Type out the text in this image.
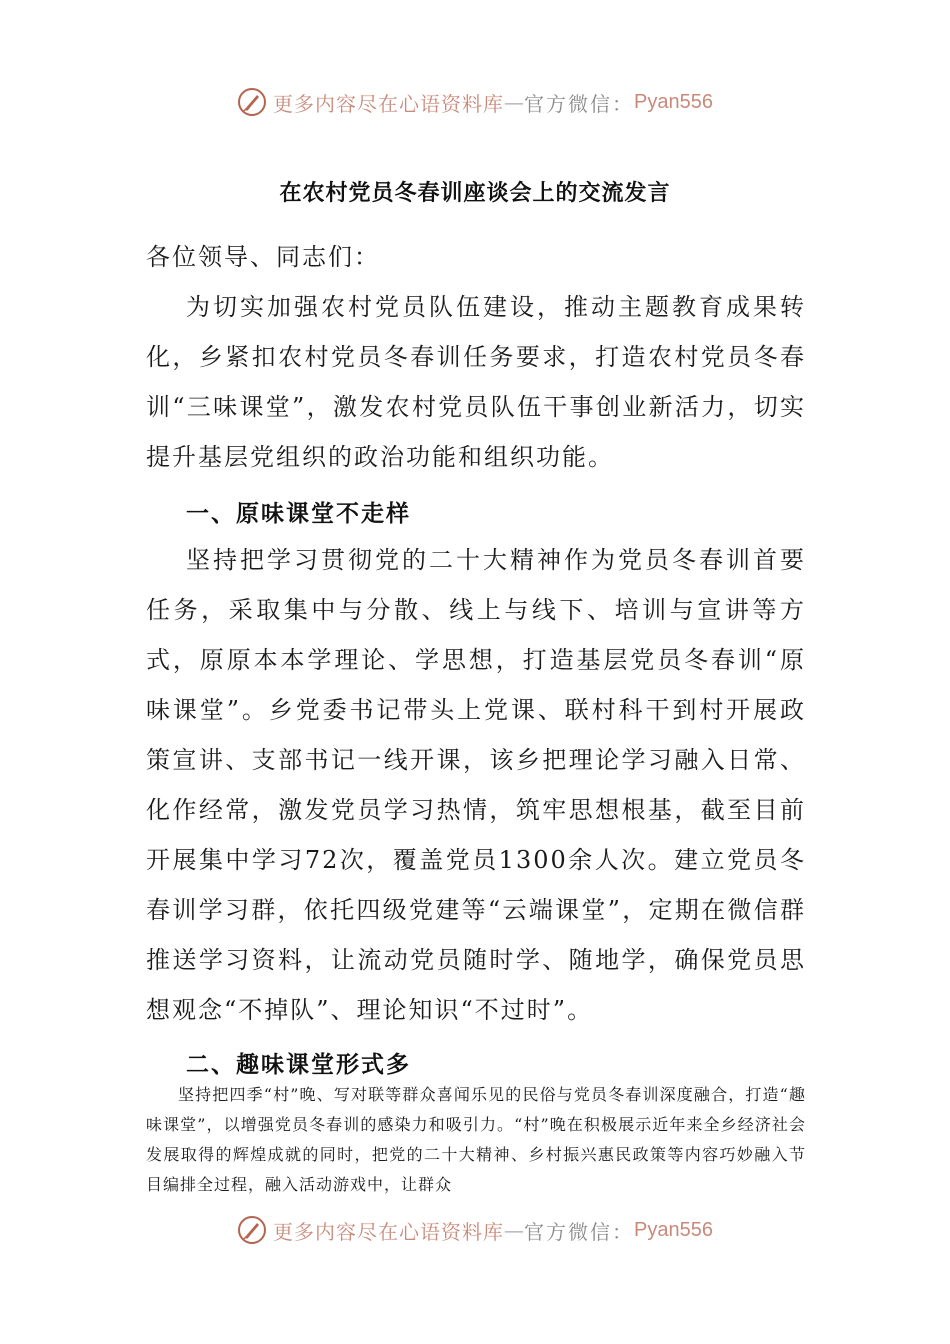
更多内容尽在心语资料库 — 官方微信： Pyan556
在农村党员冬春训座谈会上的交流发言
各位领导、同志们：
为切实加强农村党员队伍建设，推动主题教育成果转化，乡紧扣农村党员冬春训任务要求，打造农村党员冬春训“三味课堂”，激发农村党员队伍干事创业新活力，切实提升基层党组织的政治功能和组织功能。
一、原味课堂不走样
坚持把学习贯彻党的二十大精神作为党员冬春训首要任务，采取集中与分散、线上与线下、培训与宣讲等方式，原原本本学理论、学思想，打造基层党员冬春训“原味课堂”。乡党委书记带头上党课、联村科干到村开展政策宣讲、支部书记一线开课，该乡把理论学习融入日常、化作经常，激发党员学习热情，筑牢思想根基，截至目前开展集中学习72次，覆盖党员1300余人次。建立党员冬春训学习群，依托四级党建等“云端课堂”，定期在微信群推送学习资料，让流动党员随时学、随地学，确保党员思想观念“不掉队”、理论知识“不过时”。
二、趣味课堂形式多
坚持把四季“村”晚、写对联等群众喜闻乐见的民俗与党员冬春训深度融合，打造“趣味课堂”，以增强党员冬春训的感染力和吸引力。“村”晚在积极展示近年来全乡经济社会发展取得的辉煌成就的同时，把党的二十大精神、乡村振兴惠民政策等内容巧妙融入节目编排全过程，融入活动游戏中，让群众
更多内容尽在心语资料库 — 官方微信： Pyan556
